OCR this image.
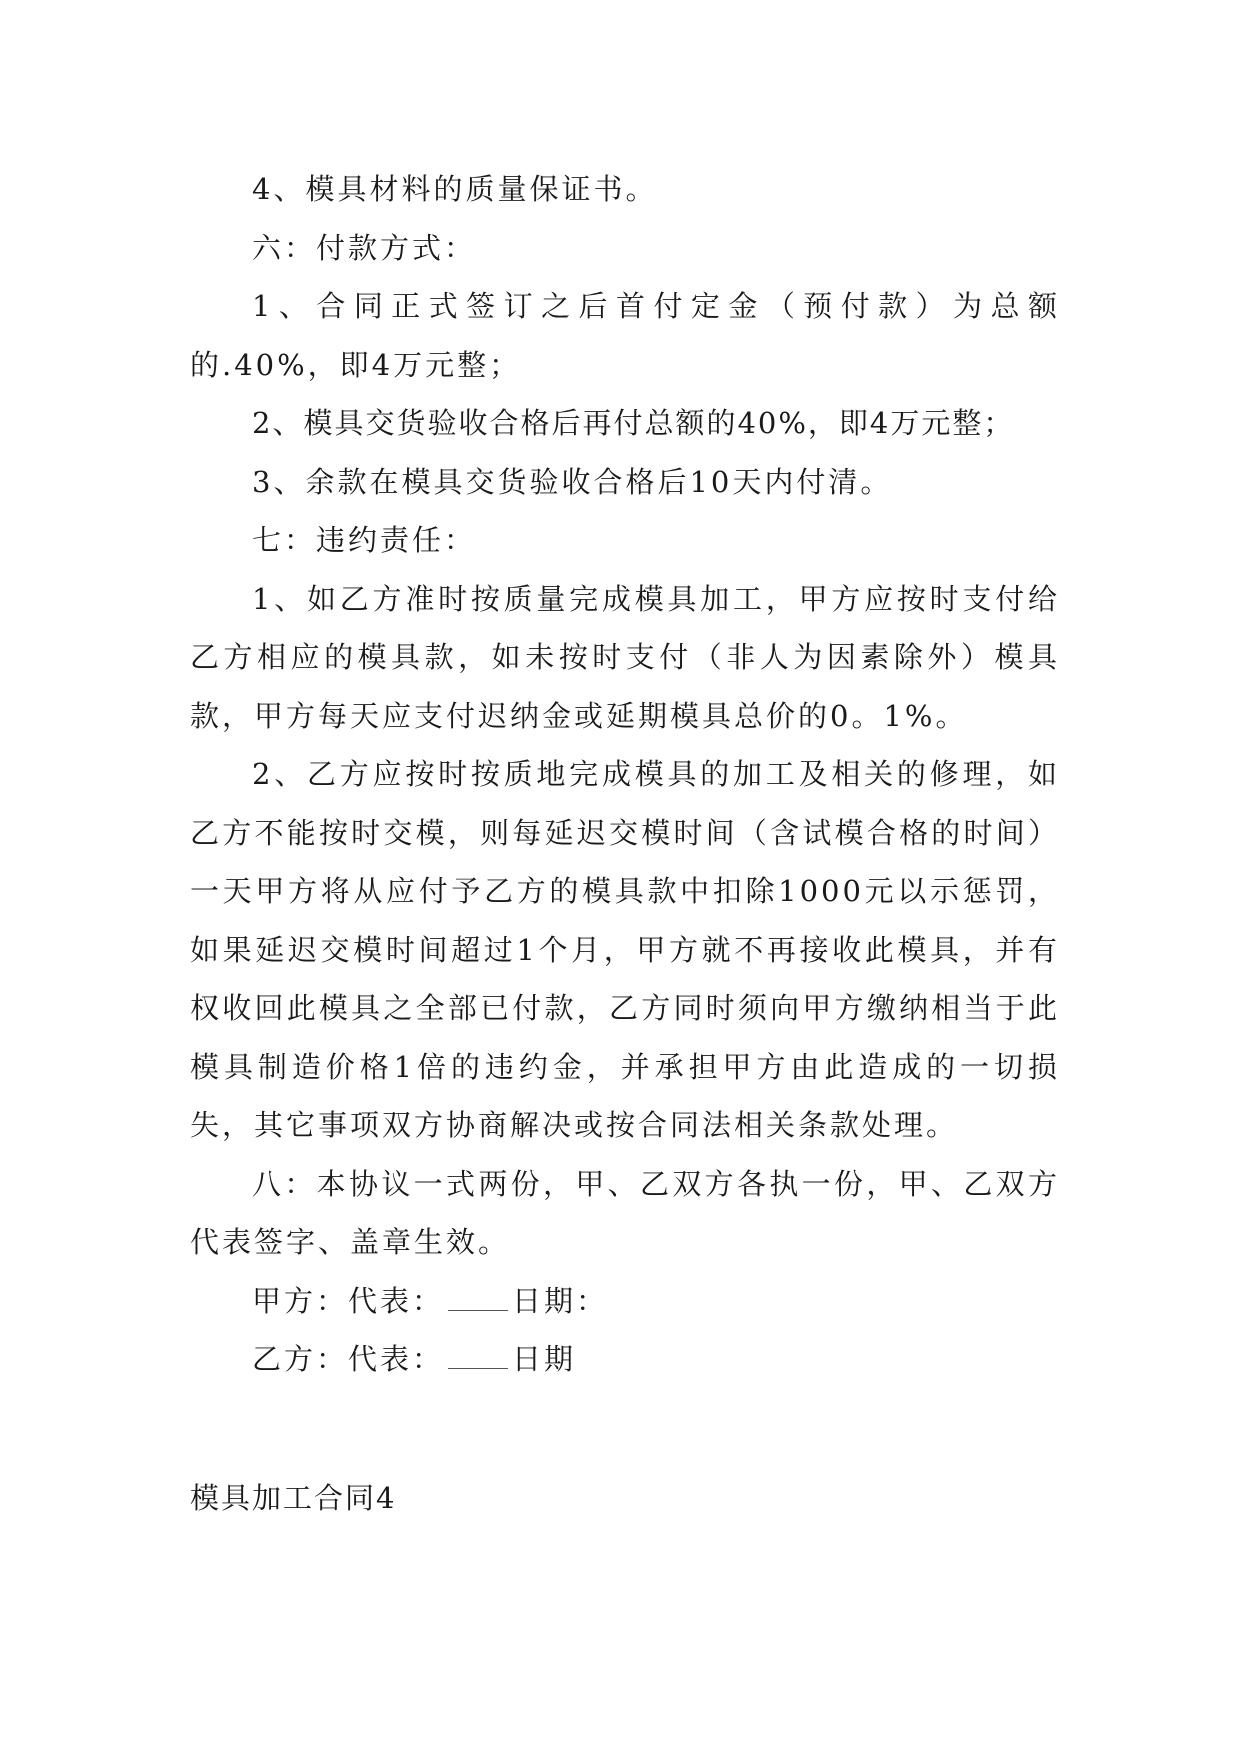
4、模具材料的质量保证书。

六：付款方式：

1、合同正式签订之后首付定金（预付款）为总额的.40%，即4万元整；

2、模具交货验收合格后再付总额的40%，即4万元整；

3、余款在模具交货验收合格后10天内付清。

七：违约责任：

1、如乙方准时按质量完成模具加工，甲方应按时支付给乙方相应的模具款，如未按时支付（非人为因素除外）模具款，甲方每天应支付迟纳金或延期模具总价的0。1%。

2、乙方应按时按质地完成模具的加工及相关的修理，如乙方不能按时交模，则每延迟交模时间（含试模合格的时间）一天甲方将从应付予乙方的模具款中扣除1000元以示惩罚，如果延迟交模时间超过1个月，甲方就不再接收此模具，并有权收回此模具之全部已付款，乙方同时须向甲方缴纳相当于此模具制造价格1倍的违约金，并承担甲方由此造成的一切损失，其它事项双方协商解决或按合同法相关条款处理。

八：本协议一式两份，甲、乙双方各执一份，甲、乙双方代表签字、盖章生效。

甲方：代表： 日期：

乙方：代表： 日期

模具加工合同4
